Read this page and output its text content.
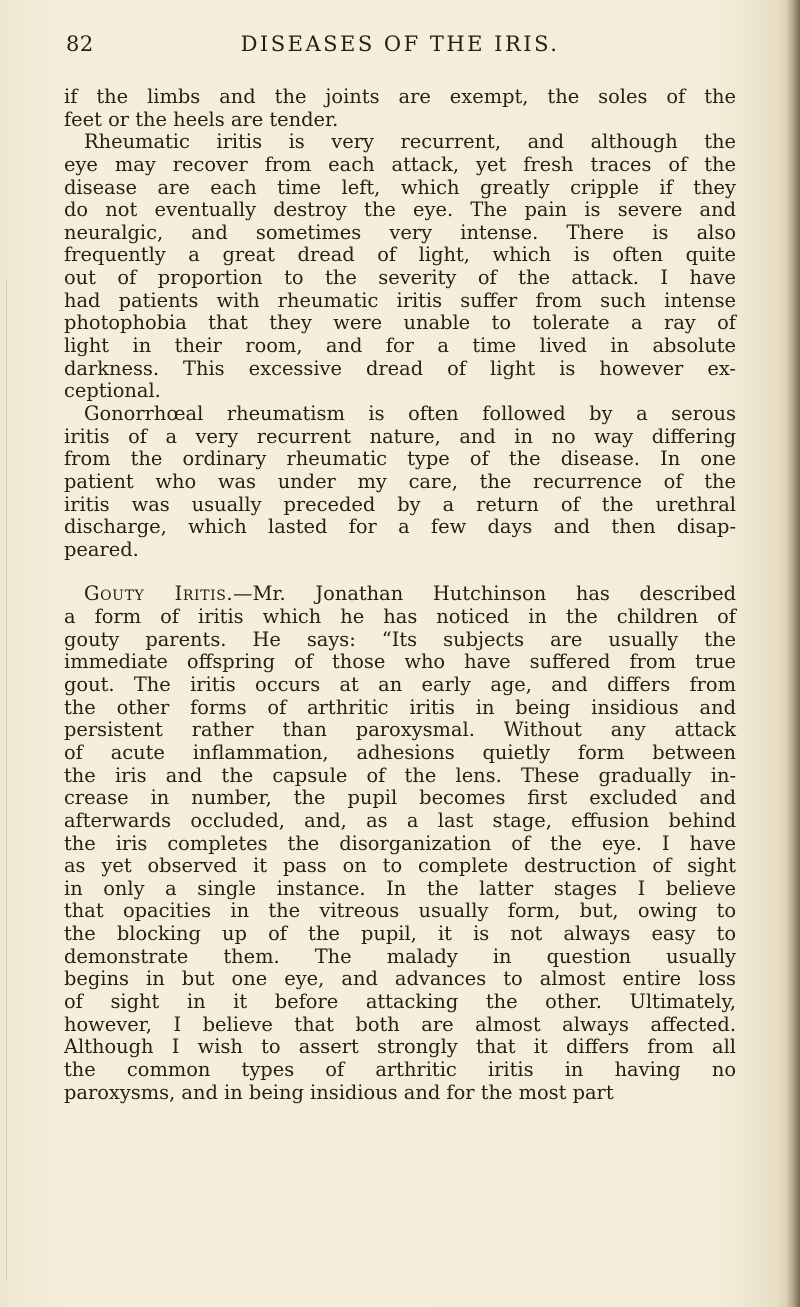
82	DISEASES OF THE IRIS.
if the limbs and the joints are exempt, the soles of the
feet or the heels are tender.
Rheumatic iritis is very recurrent, and although the
eye may recover from each attack, yet fresh traces of the
disease are each time left, which greatly cripple if they
do not eventually destroy the eye. The pain is severe and
neuralgic, and sometimes very intense. There is also
frequently a great dread of light, which is often quite
out of proportion to the severity of the attack. I have
had patients with rheumatic iritis suffer from such intense
photophobia that they were unable to tolerate a ray of
light in their room, and for a time lived in absolute
darkness. This excessive dread of light is however ex-
ceptional.
Gonorrhœal rheumatism is often followed by a serous
iritis of a very recurrent nature, and in no way differing
from the ordinary rheumatic type of the disease. In one
patient who was under my care, the recurrence of the
iritis was usually preceded by a return of the urethral
discharge, which lasted for a few days and then disap-
peared.
Gouty Iritis.—Mr. Jonathan Hutchinson has described
a form of iritis which he has noticed in the children of
gouty parents. He says: “Its subjects are usually the
immediate offspring of those who have suffered from true
gout. The iritis occurs at an early age, and differs from
the other forms of arthritic iritis in being insidious and
persistent rather than paroxysmal. Without any attack
of acute inflammation, adhesions quietly form between
the iris and the capsule of the lens. These gradually in-
crease in number, the pupil becomes first excluded and
afterwards occluded, and, as a last stage, effusion behind
the iris completes the disorganization of the eye. I have
as yet observed it pass on to complete destruction of sight
in only a single instance. In the latter stages I believe
that opacities in the vitreous usually form, but, owing to
the blocking up of the pupil, it is not always easy to
demonstrate them. The malady in question usually
begins in but one eye, and advances to almost entire loss
of sight in it before attacking the other. Ultimately,
however, I believe that both are almost always affected.
Although I wish to assert strongly that it differs from all
the common types of arthritic iritis in having no
paroxysms, and in being insidious and for the most part
